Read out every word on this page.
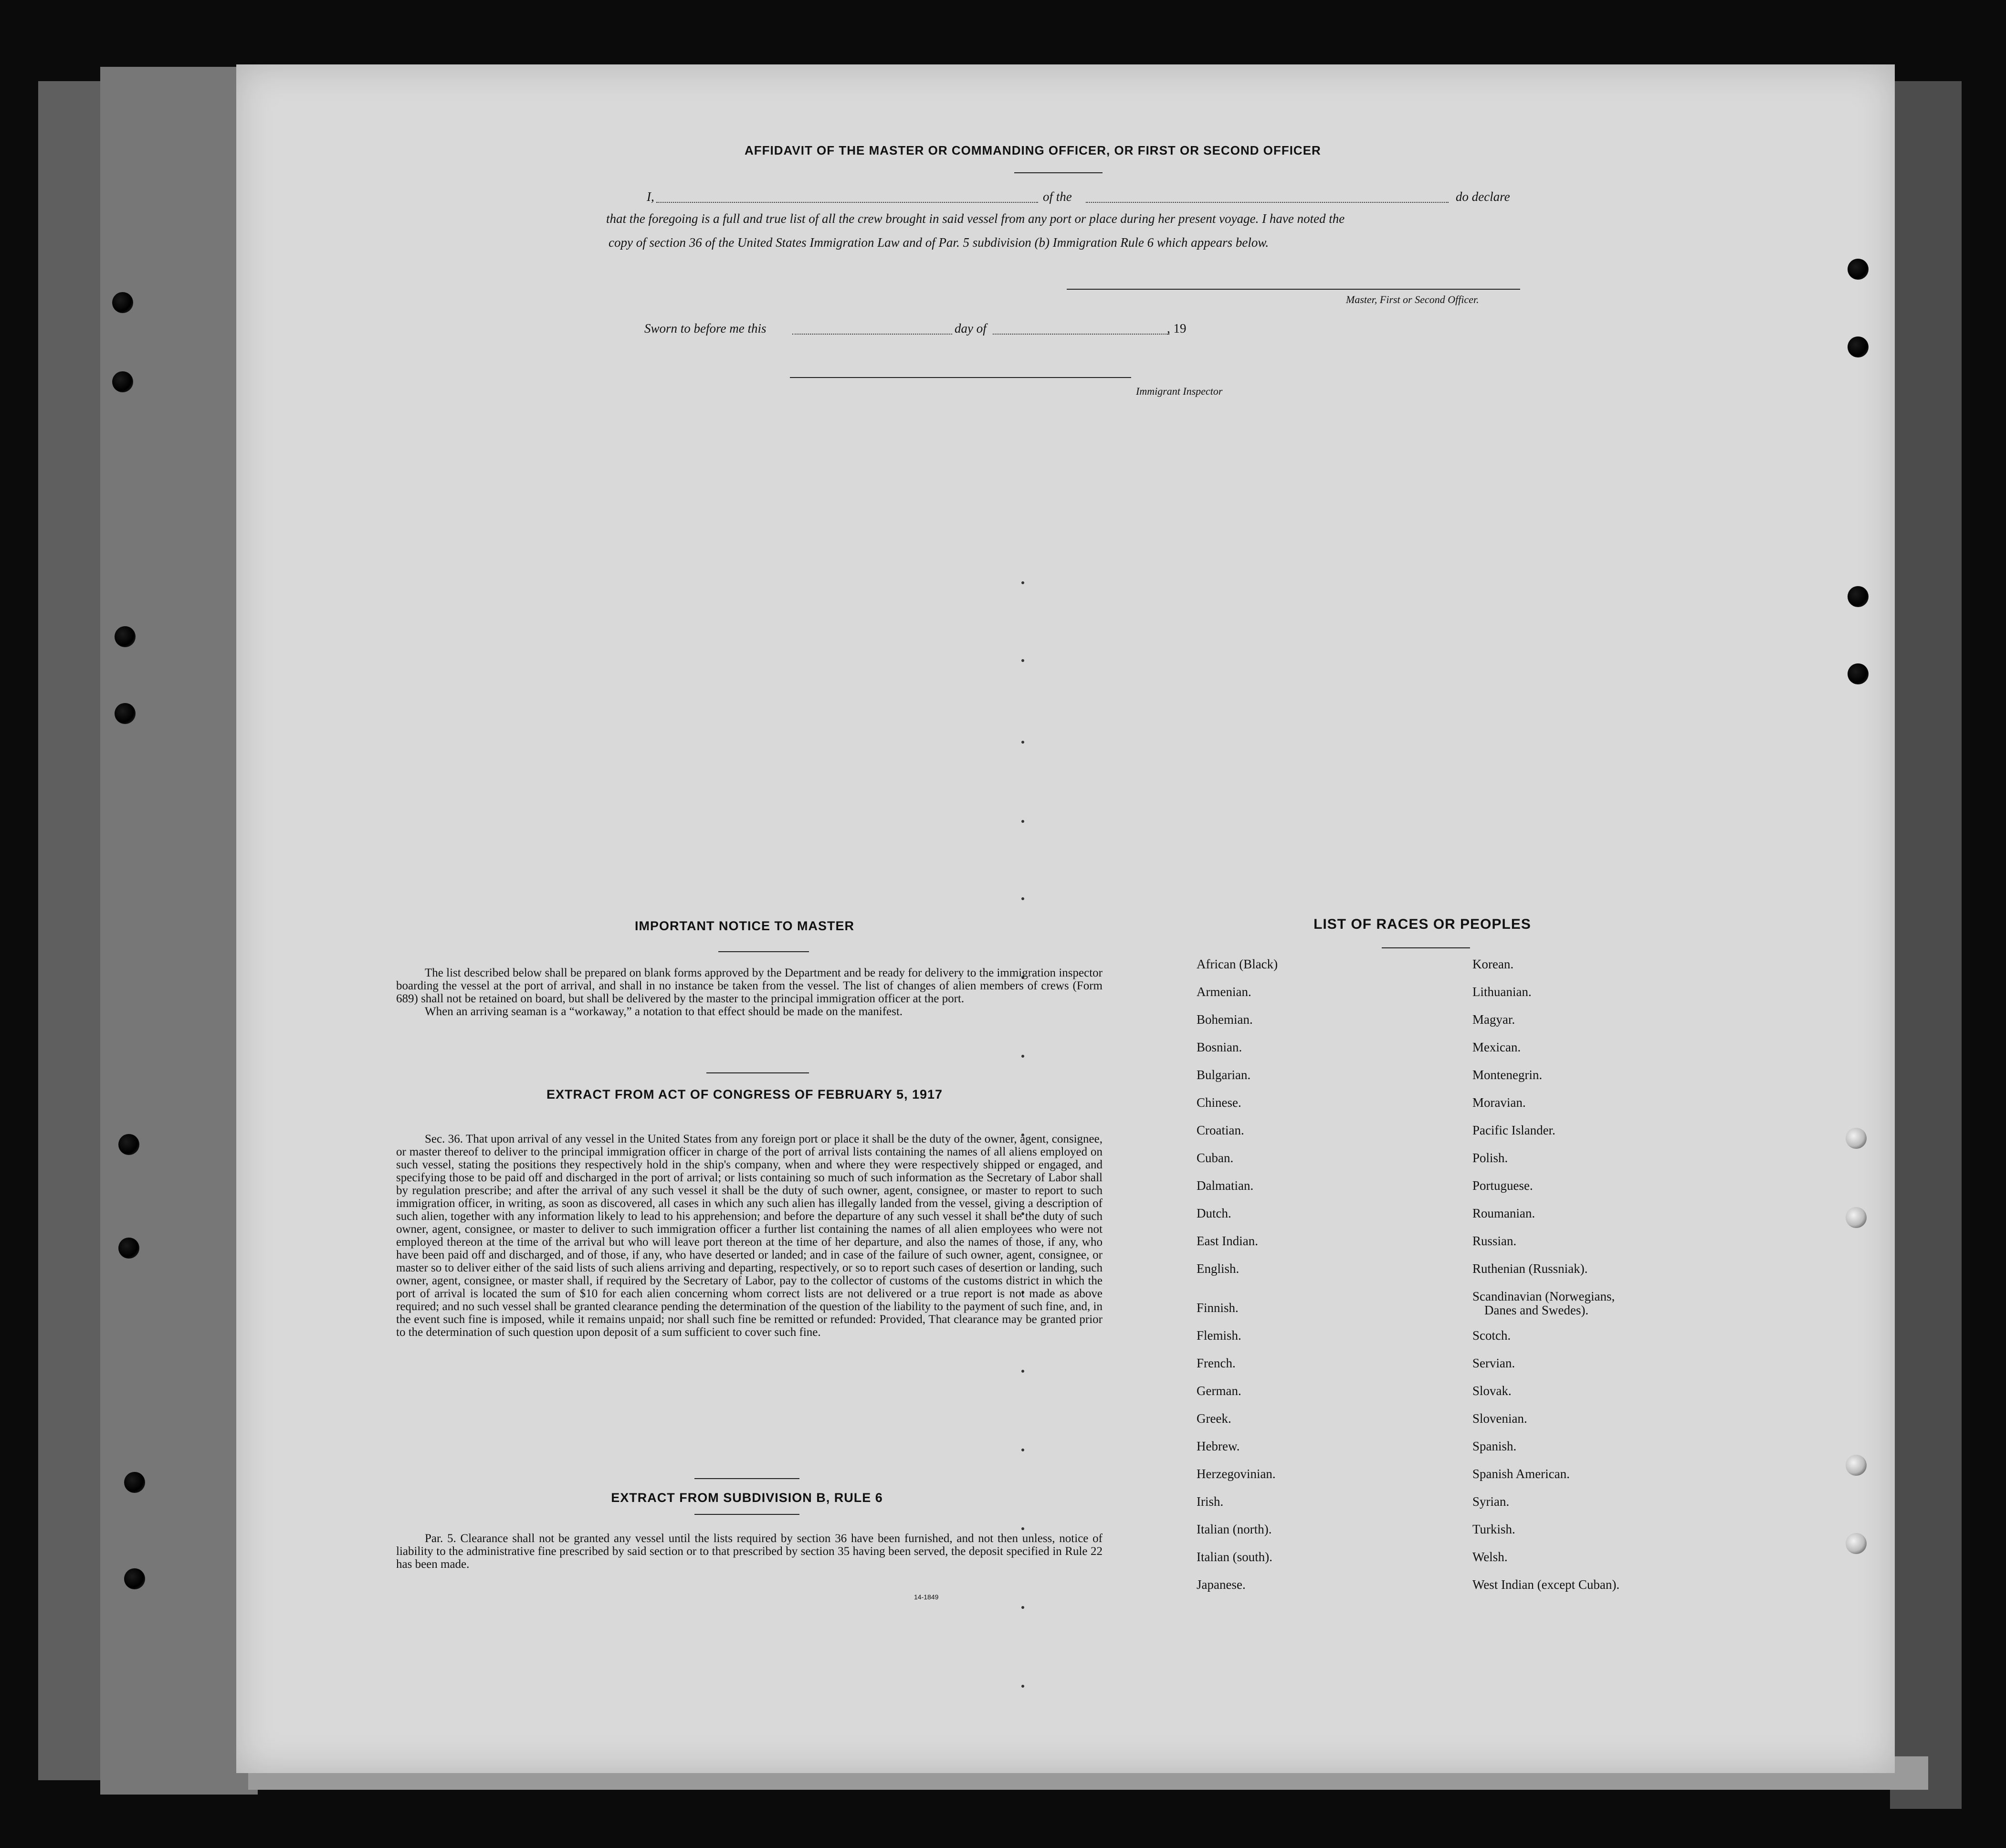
AFFIDAVIT OF THE MASTER OR COMMANDING OFFICER, OR FIRST OR SECOND OFFICER
I,	of the	do declare
that the foregoing is a full and true list of all the crew brought in said vessel from any port or place during her present voyage. I have noted the
copy of section 36 of the United States Immigration Law and of Par. 5 subdivision (b) Immigration Rule 6 which appears below.
Master, First or Second Officer.
Sworn to before me this	day of	, 19
Immigrant Inspector
IMPORTANT NOTICE TO MASTER

The list described below shall be prepared on blank forms approved by the Department and be ready for delivery to the immigration inspector boarding the vessel at the port of arrival, and shall in no instance be taken from the vessel. The list of changes of alien members of crews (Form 689) shall not be retained on board, but shall be delivered by the master to the principal immigration officer at the port.

When an arriving seaman is a “workaway,” a notation to that effect should be made on the manifest.

EXTRACT FROM ACT OF CONGRESS OF FEBRUARY 5, 1917

Sec. 36. That upon arrival of any vessel in the United States from any foreign port or place it shall be the duty of the owner, agent, consignee, or master thereof to deliver to the principal immigration officer in charge of the port of arrival lists containing the names of all aliens employed on such vessel, stating the positions they respectively hold in the ship's company, when and where they were respectively shipped or engaged, and specifying those to be paid off and discharged in the port of arrival; or lists containing so much of such information as the Secretary of Labor shall by regulation prescribe; and after the arrival of any such vessel it shall be the duty of such owner, agent, consignee, or master to report to such immigration officer, in writing, as soon as discovered, all cases in which any such alien has illegally landed from the vessel, giving a description of such alien, together with any information likely to lead to his apprehension; and before the departure of any such vessel it shall be the duty of such owner, agent, consignee, or master to deliver to such immigration officer a further list containing the names of all alien employees who were not employed thereon at the time of the arrival but who will leave port thereon at the time of her departure, and also the names of those, if any, who have been paid off and discharged, and of those, if any, who have deserted or landed; and in case of the failure of such owner, agent, consignee, or master so to deliver either of the said lists of such aliens arriving and departing, respectively, or so to report such cases of desertion or landing, such owner, agent, consignee, or master shall, if required by the Secretary of Labor, pay to the collector of customs of the customs district in which the port of arrival is located the sum of $10 for each alien concerning whom correct lists are not delivered or a true report is not made as above required; and no such vessel shall be granted clearance pending the determination of the question of the liability to the payment of such fine, and, in the event such fine is imposed, while it remains unpaid; nor shall such fine be remitted or refunded: Provided, That clearance may be granted prior to the determination of such question upon deposit of a sum sufficient to cover such fine.

EXTRACT FROM SUBDIVISION B, RULE 6

Par. 5. Clearance shall not be granted any vessel until the lists required by section 36 have been furnished, and not then unless, notice of liability to the administrative fine prescribed by said section or to that prescribed by section 35 having been served, the deposit specified in Rule 22 has been made.

14-1849
LIST OF RACES OR PEOPLES
African (Black)
Armenian.
Bohemian.
Bosnian.
Bulgarian.
Chinese.
Croatian.
Cuban.
Dalmatian.
Dutch.
East Indian.
English.
Finnish.
Flemish.
French.
German.
Greek.
Hebrew.
Herzegovinian.
Irish.
Italian (north).
Italian (south).
Japanese.
Korean.
Lithuanian.
Magyar.
Mexican.
Montenegrin.
Moravian.
Pacific Islander.
Polish.
Portuguese.
Roumanian.
Russian.
Ruthenian (Russniak).
Scandinavian (Norwegians,
Danes and Swedes).
Scotch.
Servian.
Slovak.
Slovenian.
Spanish.
Spanish American.
Syrian.
Turkish.
Welsh.
West Indian (except Cuban).
